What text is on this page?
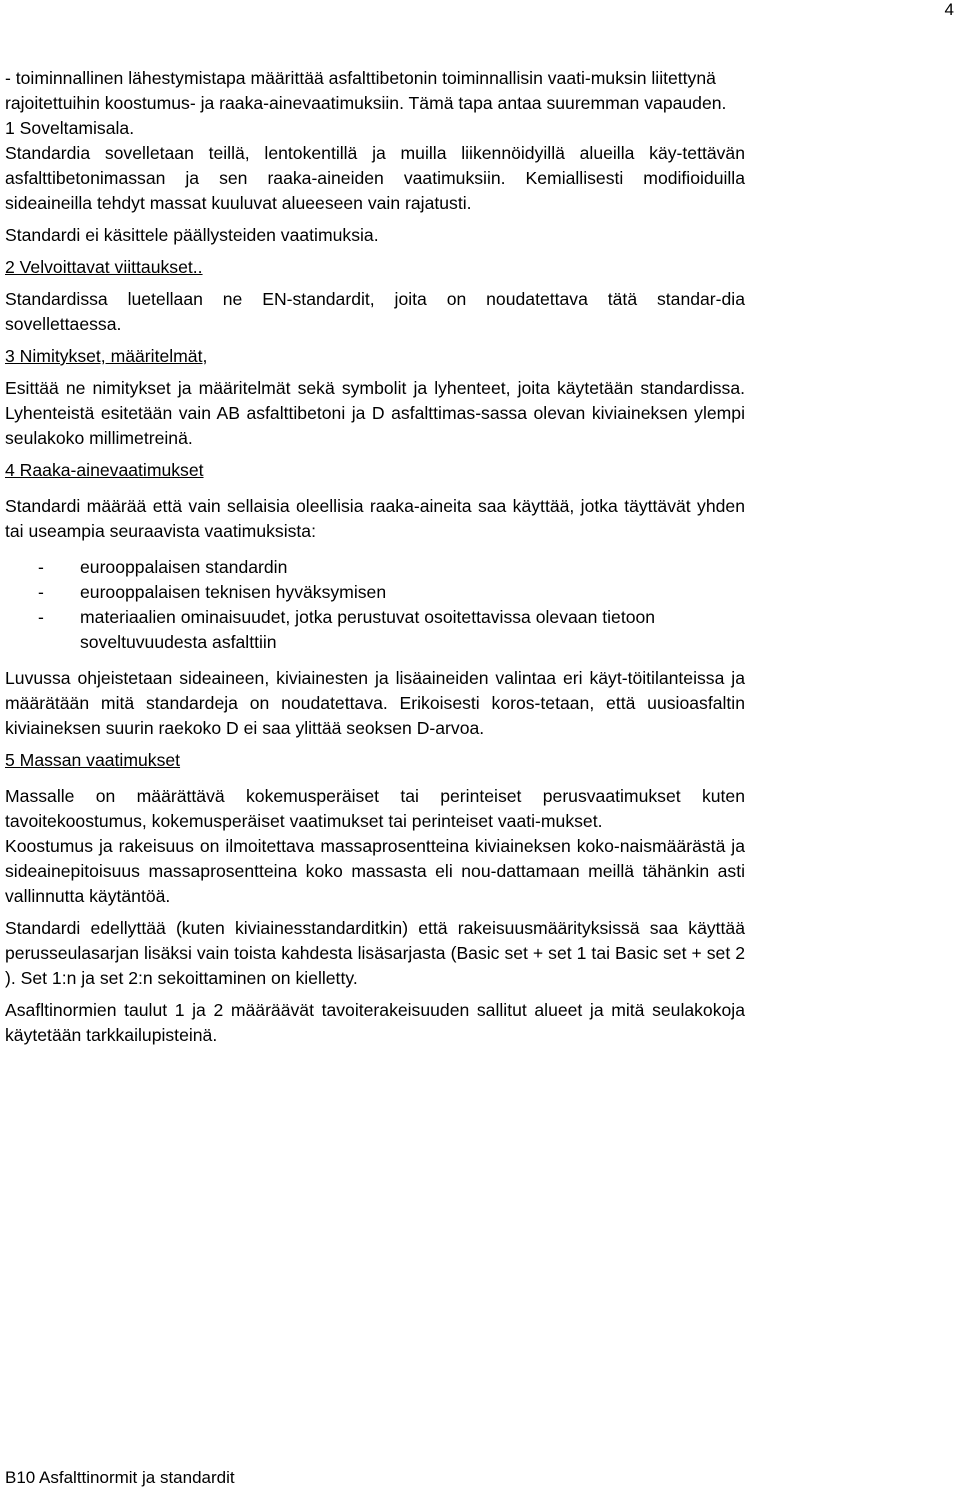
4

- toiminnallinen lähestymistapa määrittää asfalttibetonin toiminnallisin vaati-muksin liitettynä rajoitettuihin koostumus- ja raaka-ainevaatimuksiin. Tämä tapa antaa suuremman vapauden.

1 Soveltamisala.

Standardia sovelletaan teillä, lentokentillä ja muilla liikennöidyillä alueilla käy-tettävän asfalttibetonimassan ja sen raaka-aineiden vaatimuksiin. Kemiallisesti modifioiduilla sideaineilla tehdyt massat kuuluvat alueeseen vain rajatusti.

Standardi ei käsittele päällysteiden vaatimuksia.

2 Velvoittavat viittaukset..

Standardissa luetellaan ne EN-standardit, joita on noudatettava tätä standar-dia sovellettaessa.

3 Nimitykset, määritelmät,

Esittää ne nimitykset ja määritelmät sekä symbolit ja lyhenteet, joita käytetään standardissa. Lyhenteistä esitetään vain AB asfalttibetoni ja D asfalttimas-sassa olevan kiviaineksen ylempi seulakoko millimetreinä.

4 Raaka-ainevaatimukset

Standardi määrää että vain sellaisia oleellisia raaka-aineita saa käyttää, jotka täyttävät yhden tai useampia seuraavista vaatimuksista:

- eurooppalaisen standardin
- eurooppalaisen teknisen hyväksymisen
- materiaalien ominaisuudet, jotka perustuvat osoitettavissa olevaan tietoon soveltuvuudesta asfalttiin

Luvussa ohjeistetaan sideaineen, kiviainesten ja lisäaineiden valintaa eri käyt-töitilanteissa ja määrätään mitä standardeja on noudatettava. Erikoisesti koros-tetaan, että uusioasfaltin kiviaineksen suurin raekoko D ei saa ylittää seoksen D-arvoa.

5 Massan vaatimukset

Massalle on määrättävä kokemusperäiset tai perinteiset perusvaatimukset kuten tavoitekoostumus, kokemusperäiset vaatimukset tai perinteiset vaati-mukset.

Koostumus ja rakeisuus on ilmoitettava massaprosentteina kiviaineksen koko-naismäärästä ja sideainepitoisuus massaprosentteina koko massasta eli nou-dattamaan meillä tähänkin asti vallinnutta käytäntöä.

Standardi edellyttää (kuten kiviainesstandarditkin) että rakeisuusmäärityksissä saa käyttää perusseulasarjan lisäksi vain toista kahdesta lisäsarjasta (Basic set + set 1 tai Basic set + set 2 ). Set 1:n ja set 2:n sekoittaminen on kielletty.

Asafltinormien taulut 1 ja 2 määräävät tavoiterakeisuuden sallitut alueet ja mitä seulakokoja käytetään tarkkailupisteinä.

B10 Asfalttinormit ja standardit
